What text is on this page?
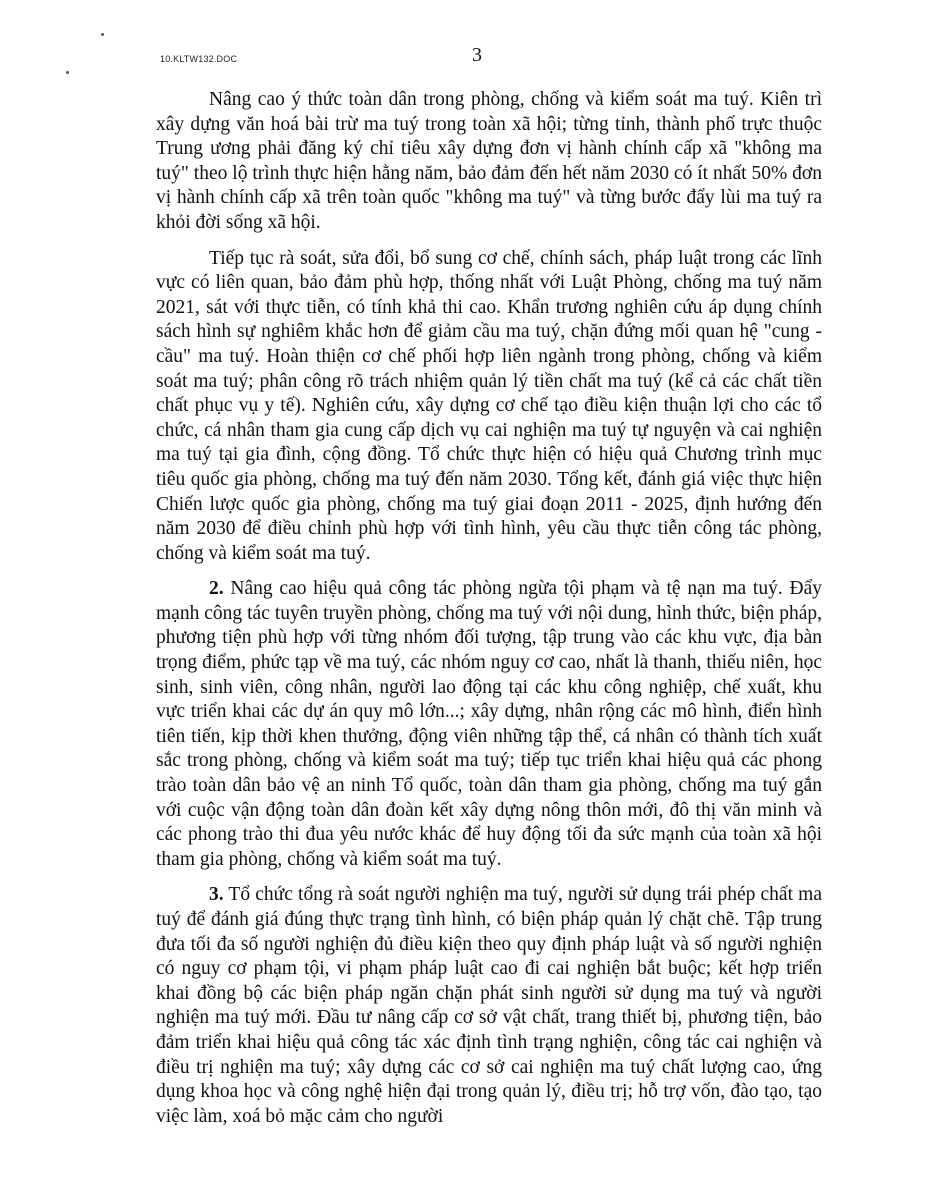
10.KLTW132.DOC	3

Nâng cao ý thức toàn dân trong phòng, chống và kiểm soát ma tuý. Kiên trì xây dựng văn hoá bài trừ ma tuý trong toàn xã hội; từng tỉnh, thành phố trực thuộc Trung ương phải đăng ký chỉ tiêu xây dựng đơn vị hành chính cấp xã "không ma tuý" theo lộ trình thực hiện hằng năm, bảo đảm đến hết năm 2030 có ít nhất 50% đơn vị hành chính cấp xã trên toàn quốc "không ma tuý" và từng bước đẩy lùi ma tuý ra khỏi đời sống xã hội.

Tiếp tục rà soát, sửa đổi, bổ sung cơ chế, chính sách, pháp luật trong các lĩnh vực có liên quan, bảo đảm phù hợp, thống nhất với Luật Phòng, chống ma tuý năm 2021, sát với thực tiễn, có tính khả thi cao. Khẩn trương nghiên cứu áp dụng chính sách hình sự nghiêm khắc hơn để giảm cầu ma tuý, chặn đứng mối quan hệ "cung - cầu" ma tuý. Hoàn thiện cơ chế phối hợp liên ngành trong phòng, chống và kiểm soát ma tuý; phân công rõ trách nhiệm quản lý tiền chất ma tuý (kể cả các chất tiền chất phục vụ y tế). Nghiên cứu, xây dựng cơ chế tạo điều kiện thuận lợi cho các tổ chức, cá nhân tham gia cung cấp dịch vụ cai nghiện ma tuý tự nguyện và cai nghiện ma tuý tại gia đình, cộng đồng. Tổ chức thực hiện có hiệu quả Chương trình mục tiêu quốc gia phòng, chống ma tuý đến năm 2030. Tổng kết, đánh giá việc thực hiện Chiến lược quốc gia phòng, chống ma tuý giai đoạn 2011 - 2025, định hướng đến năm 2030 để điều chỉnh phù hợp với tình hình, yêu cầu thực tiễn công tác phòng, chống và kiểm soát ma tuý.

2. Nâng cao hiệu quả công tác phòng ngừa tội phạm và tệ nạn ma tuý. Đẩy mạnh công tác tuyên truyền phòng, chống ma tuý với nội dung, hình thức, biện pháp, phương tiện phù hợp với từng nhóm đối tượng, tập trung vào các khu vực, địa bàn trọng điểm, phức tạp về ma tuý, các nhóm nguy cơ cao, nhất là thanh, thiếu niên, học sinh, sinh viên, công nhân, người lao động tại các khu công nghiệp, chế xuất, khu vực triển khai các dự án quy mô lớn...; xây dựng, nhân rộng các mô hình, điển hình tiên tiến, kịp thời khen thưởng, động viên những tập thể, cá nhân có thành tích xuất sắc trong phòng, chống và kiểm soát ma tuý; tiếp tục triển khai hiệu quả các phong trào toàn dân bảo vệ an ninh Tổ quốc, toàn dân tham gia phòng, chống ma tuý gắn với cuộc vận động toàn dân đoàn kết xây dựng nông thôn mới, đô thị văn minh và các phong trào thi đua yêu nước khác để huy động tối đa sức mạnh của toàn xã hội tham gia phòng, chống và kiểm soát ma tuý.

3. Tổ chức tổng rà soát người nghiện ma tuý, người sử dụng trái phép chất ma tuý để đánh giá đúng thực trạng tình hình, có biện pháp quản lý chặt chẽ. Tập trung đưa tối đa số người nghiện đủ điều kiện theo quy định pháp luật và số người nghiện có nguy cơ phạm tội, vi phạm pháp luật cao đi cai nghiện bắt buộc; kết hợp triển khai đồng bộ các biện pháp ngăn chặn phát sinh người sử dụng ma tuý và người nghiện ma tuý mới. Đầu tư nâng cấp cơ sở vật chất, trang thiết bị, phương tiện, bảo đảm triển khai hiệu quả công tác xác định tình trạng nghiện, công tác cai nghiện và điều trị nghiện ma tuý; xây dựng các cơ sở cai nghiện ma tuý chất lượng cao, ứng dụng khoa học và công nghệ hiện đại trong quản lý, điều trị; hỗ trợ vốn, đào tạo, tạo việc làm, xoá bỏ mặc cảm cho người
